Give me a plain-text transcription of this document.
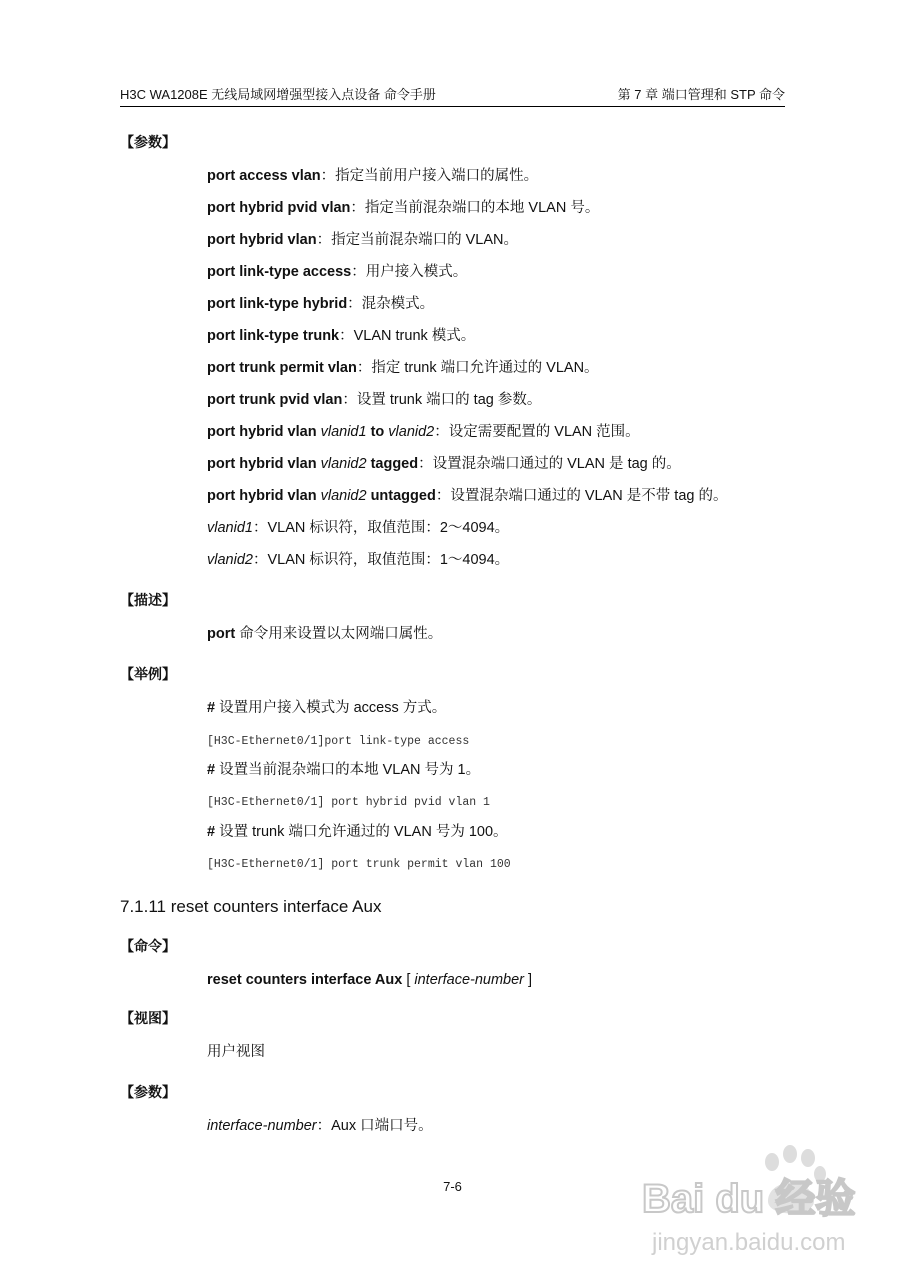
H3C WA1208E 无线局域网增强型接入点设备 命令手册	第 7 章 端口管理和 STP 命令
【参数】
port access vlan：指定当前用户接入端口的属性。
port hybrid pvid vlan：指定当前混杂端口的本地 VLAN 号。
port hybrid vlan：指定当前混杂端口的 VLAN。
port link-type access：用户接入模式。
port link-type hybrid：混杂模式。
port link-type trunk：VLAN trunk 模式。
port trunk permit vlan：指定 trunk 端口允许通过的 VLAN。
port trunk pvid vlan：设置 trunk 端口的 tag 参数。
port hybrid vlan vlanid1 to vlanid2：设定需要配置的 VLAN 范围。
port hybrid vlan vlanid2 tagged：设置混杂端口通过的 VLAN 是 tag 的。
port hybrid vlan vlanid2 untagged：设置混杂端口通过的 VLAN 是不带 tag 的。
vlanid1：VLAN 标识符，取值范围：2～4094。
vlanid2：VLAN 标识符，取值范围：1～4094。
【描述】
port 命令用来设置以太网端口属性。
【举例】
# 设置用户接入模式为 access 方式。
[H3C-Ethernet0/1]port link-type access
# 设置当前混杂端口的本地 VLAN 号为 1。
[H3C-Ethernet0/1] port hybrid pvid vlan 1
# 设置 trunk 端口允许通过的 VLAN 号为 100。
[H3C-Ethernet0/1] port trunk permit vlan 100
7.1.11 reset counters interface Aux
【命令】
reset counters interface Aux [ interface-number ]
【视图】
用户视图
【参数】
interface-number：Aux 口端口号。
7-6	Bai du 经验
jingyan.baidu.com
